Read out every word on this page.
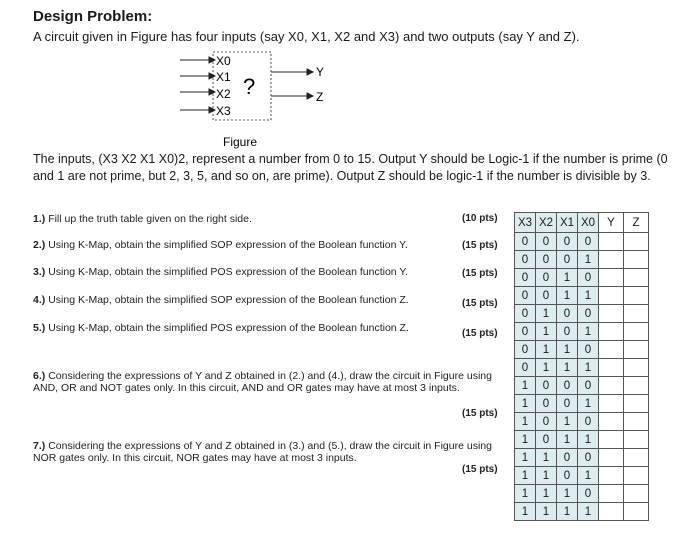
Design Problem:
A circuit given in Figure has four inputs (say X0, X1, X2 and X3) and two outputs (say Y and Z).
X0
X1
X2
X3
?
Y
Z
Figure
The inputs, (X3 X2 X1 X0)2, represent a number from 0 to 15. Output Y should be Logic-1 if the number is prime (0 and 1 are not prime, but 2, 3, 5, and so on, are prime). Output Z should be logic-1 if the number is divisible by 3.
1.) Fill up the truth table given on the right side.	(10 pts)
2.) Using K-Map, obtain the simplified SOP expression of the Boolean function Y.	(15 pts)
3.) Using K-Map, obtain the simplified POS expression of the Boolean function Y.	(15 pts)
4.) Using K-Map, obtain the simplified SOP expression of the Boolean function Z.	(15 pts)
5.) Using K-Map, obtain the simplified POS expression of the Boolean function Z.	(15 pts)
6.) Considering the expressions of Y and Z obtained in (2.) and (4.), draw the circuit in Figure using AND, OR and NOT gates only. In this circuit, AND and OR gates may have at most 3 inputs.
(15 pts)
7.) Considering the expressions of Y and Z obtained in (3.) and (5.), draw the circuit in Figure using NOR gates only. In this circuit, NOR gates may have at most 3 inputs.
(15 pts)
X3	X2	X1	X0	Y	Z
0	0	0	0		
0	0	0	1		
0	0	1	0		
0	0	1	1		
0	1	0	0		
0	1	0	1		
0	1	1	0		
0	1	1	1		
1	0	0	0		
1	0	0	1		
1	0	1	0		
1	0	1	1		
1	1	0	0		
1	1	0	1		
1	1	1	0		
1	1	1	1		
